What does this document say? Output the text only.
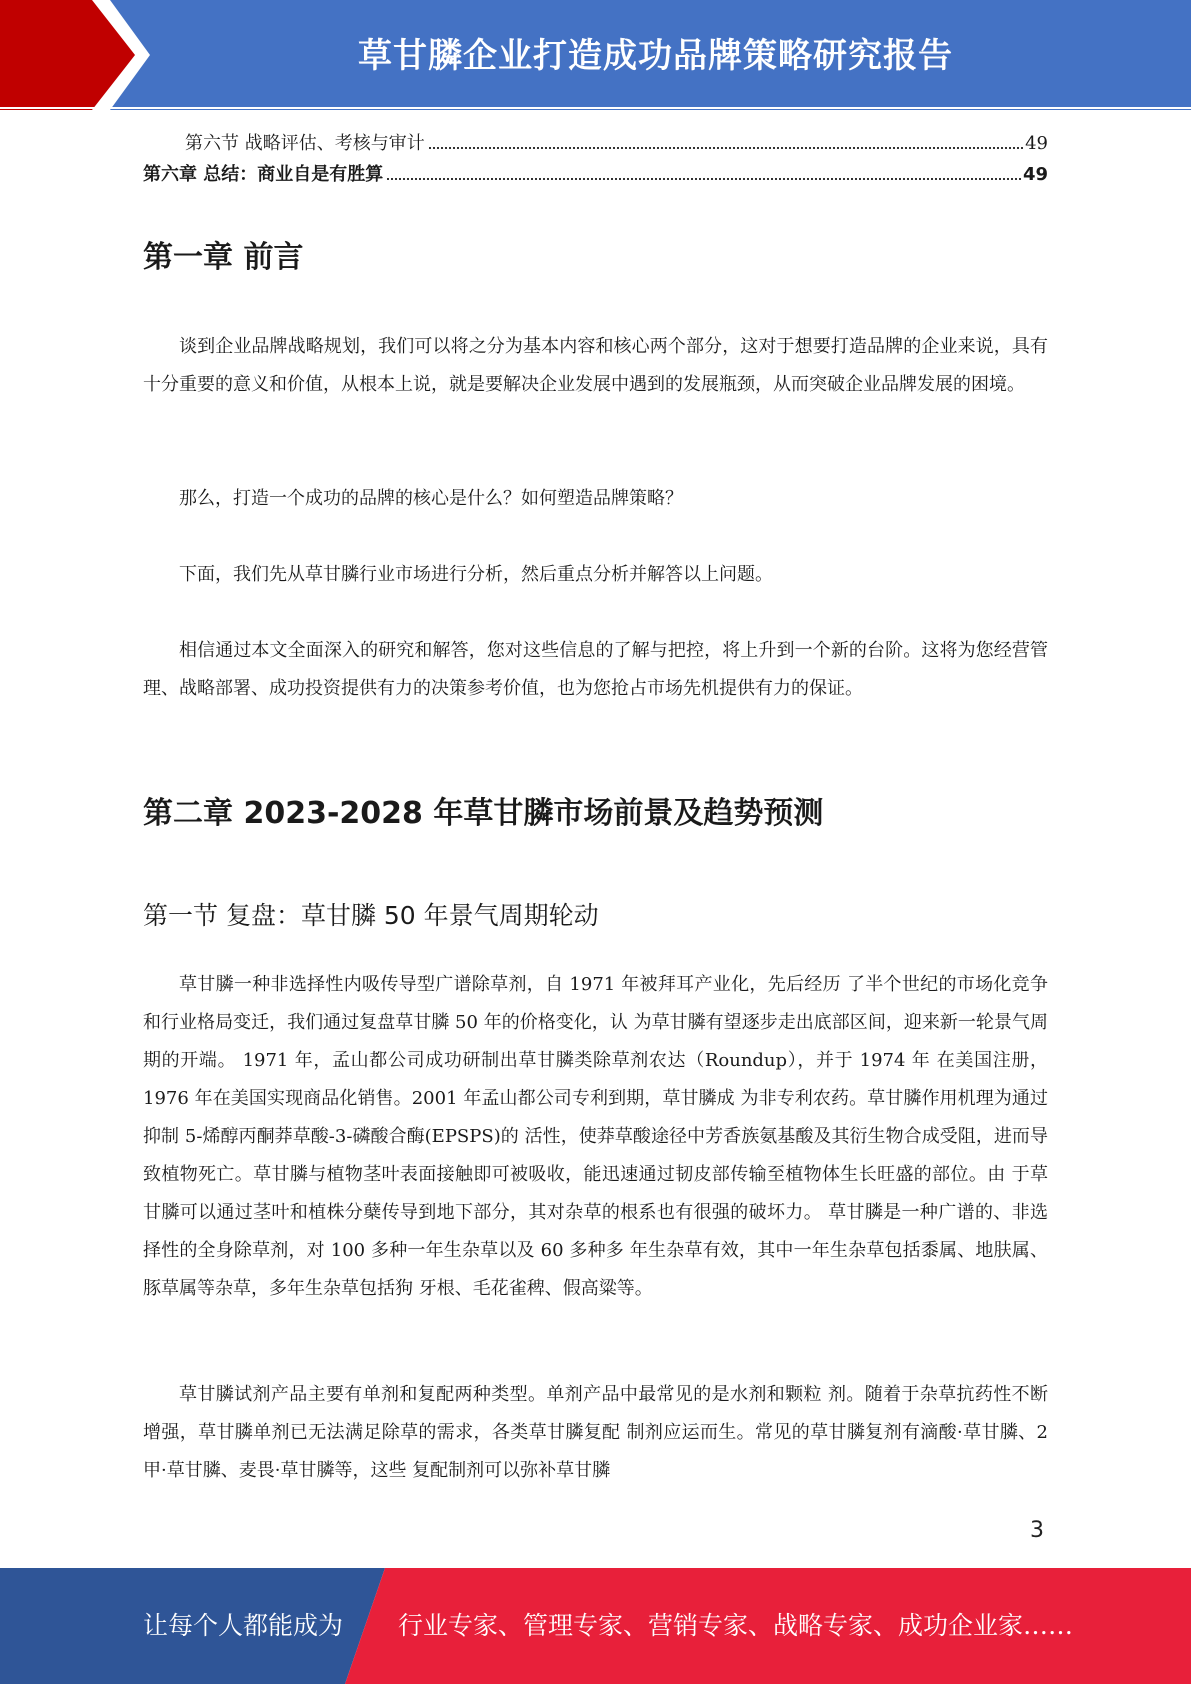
草甘膦企业打造成功品牌策略研究报告
第六节 战略评估、考核与审计	49
第六章 总结：商业自是有胜算	49
第一章 前言

谈到企业品牌战略规划，我们可以将之分为基本内容和核心两个部分，这对于想要打造品牌的企业来说，具有十分重要的意义和价值，从根本上说，就是要解决企业发展中遇到的发展瓶颈，从而突破企业品牌发展的困境。

那么，打造一个成功的品牌的核心是什么？如何塑造品牌策略？

下面，我们先从草甘膦行业市场进行分析，然后重点分析并解答以上问题。

相信通过本文全面深入的研究和解答，您对这些信息的了解与把控，将上升到一个新的台阶。这将为您经营管理、战略部署、成功投资提供有力的决策参考价值，也为您抢占市场先机提供有力的保证。

第二章 2023-2028 年草甘膦市场前景及趋势预测
第一节 复盘：草甘膦 50 年景气周期轮动

草甘膦一种非选择性内吸传导型广谱除草剂，自 1971 年被拜耳产业化，先后经历 了半个世纪的市场化竞争和行业格局变迁，我们通过复盘草甘膦 50 年的价格变化，认 为草甘膦有望逐步走出底部区间，迎来新一轮景气周期的开端。 1971 年，孟山都公司成功研制出草甘膦类除草剂农达（Roundup），并于 1974 年 在美国注册，1976 年在美国实现商品化销售。2001 年孟山都公司专利到期，草甘膦成 为非专利农药。草甘膦作用机理为通过抑制 5-烯醇丙酮莽草酸-3-磷酸合酶(EPSPS)的 活性，使莽草酸途径中芳香族氨基酸及其衍生物合成受阻，进而导致植物死亡。草甘膦与植物茎叶表面接触即可被吸收，能迅速通过韧皮部传输至植物体生长旺盛的部位。由 于草甘膦可以通过茎叶和植株分蘖传导到地下部分，其对杂草的根系也有很强的破坏力。 草甘膦是一种广谱的、非选择性的全身除草剂，对 100 多种一年生杂草以及 60 多种多 年生杂草有效，其中一年生杂草包括黍属、地肤属、豚草属等杂草，多年生杂草包括狗 牙根、毛花雀稗、假高粱等。

草甘膦试剂产品主要有单剂和复配两种类型。单剂产品中最常见的是水剂和颗粒 剂。随着于杂草抗药性不断增强，草甘膦单剂已无法满足除草的需求，各类草甘膦复配 制剂应运而生。常见的草甘膦复剂有滴酸·草甘膦、2 甲·草甘膦、麦畏·草甘膦等，这些 复配制剂可以弥补草甘膦

3
让每个人都能成为 行业专家、管理专家、营销专家、战略专家、成功企业家……
